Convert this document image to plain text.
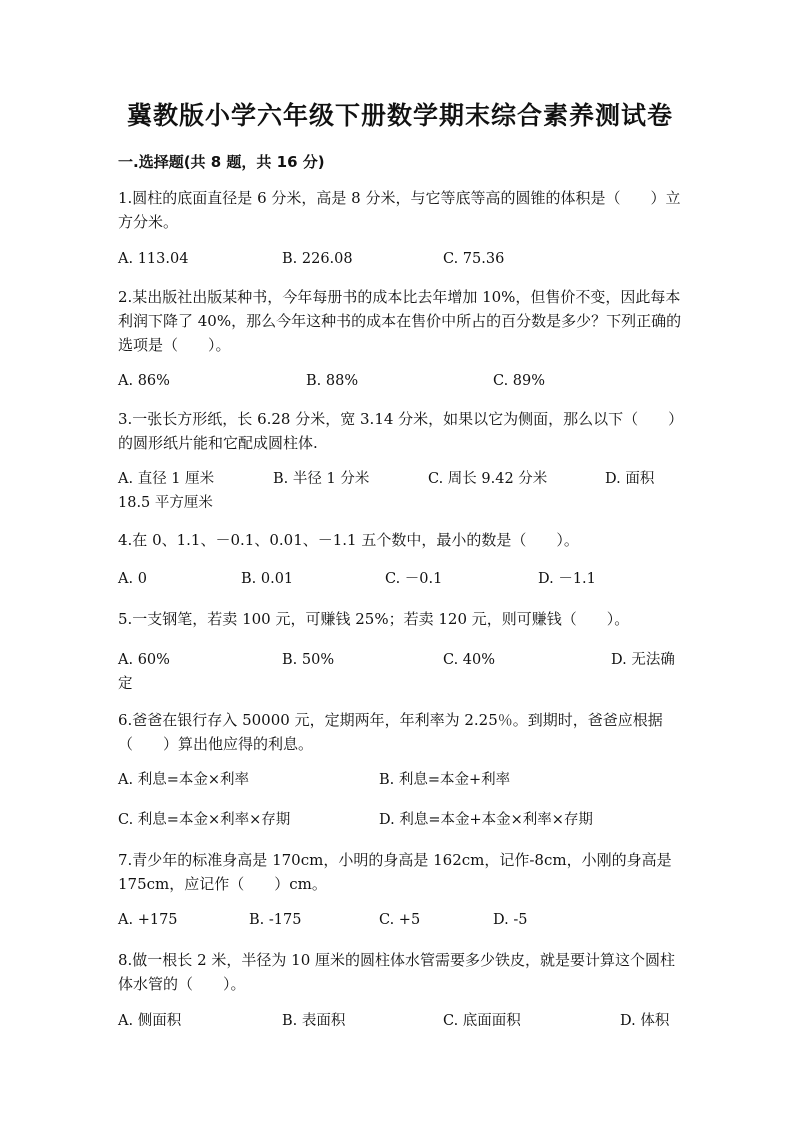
冀教版小学六年级下册数学期末综合素养测试卷
一.选择题(共 8 题，共 16 分)
1.圆柱的底面直径是 6 分米，高是 8 分米，与它等底等高的圆锥的体积是（　　）立方分米。
A. 113.04	B. 226.08	C. 75.36
2.某出版社出版某种书，今年每册书的成本比去年增加 10%，但售价不变，因此每本利润下降了 40%，那么今年这种书的成本在售价中所占的百分数是多少？下列正确的选项是（　　）。
A. 86%	B. 88%	C. 89%
3.一张长方形纸，长 6.28 分米，宽 3.14 分米，如果以它为侧面，那么以下（　　）的圆形纸片能和它配成圆柱体.
A. 直径 1 厘米	B. 半径 1 分米	C. 周长 9.42 分米	D. 面积 18.5 平方厘米
4.在 0、1.1、－0.1、0.01、－1.1 五个数中，最小的数是（　　）。
A. 0	B. 0.01	C. －0.1	D. －1.1
5.一支钢笔，若卖 100 元，可赚钱 25%；若卖 120 元，则可赚钱（　　）。
A. 60%	B. 50%	C. 40%	D. 无法确定
6.爸爸在银行存入 50000 元，定期两年，年利率为 2.25％。到期时，爸爸应根据（　　）算出他应得的利息。
A. 利息=本金×利率	B. 利息=本金+利率
C. 利息=本金×利率×存期	D. 利息=本金+本金×利率×存期
7.青少年的标准身高是 170cm，小明的身高是 162cm，记作-8cm，小刚的身高是 175cm，应记作（　　）cm。
A. +175	B. -175	C. +5	D. -5
8.做一根长 2 米，半径为 10 厘米的圆柱体水管需要多少铁皮，就是要计算这个圆柱体水管的（　　）。
A. 侧面积	B. 表面积	C. 底面面积	D. 体积
